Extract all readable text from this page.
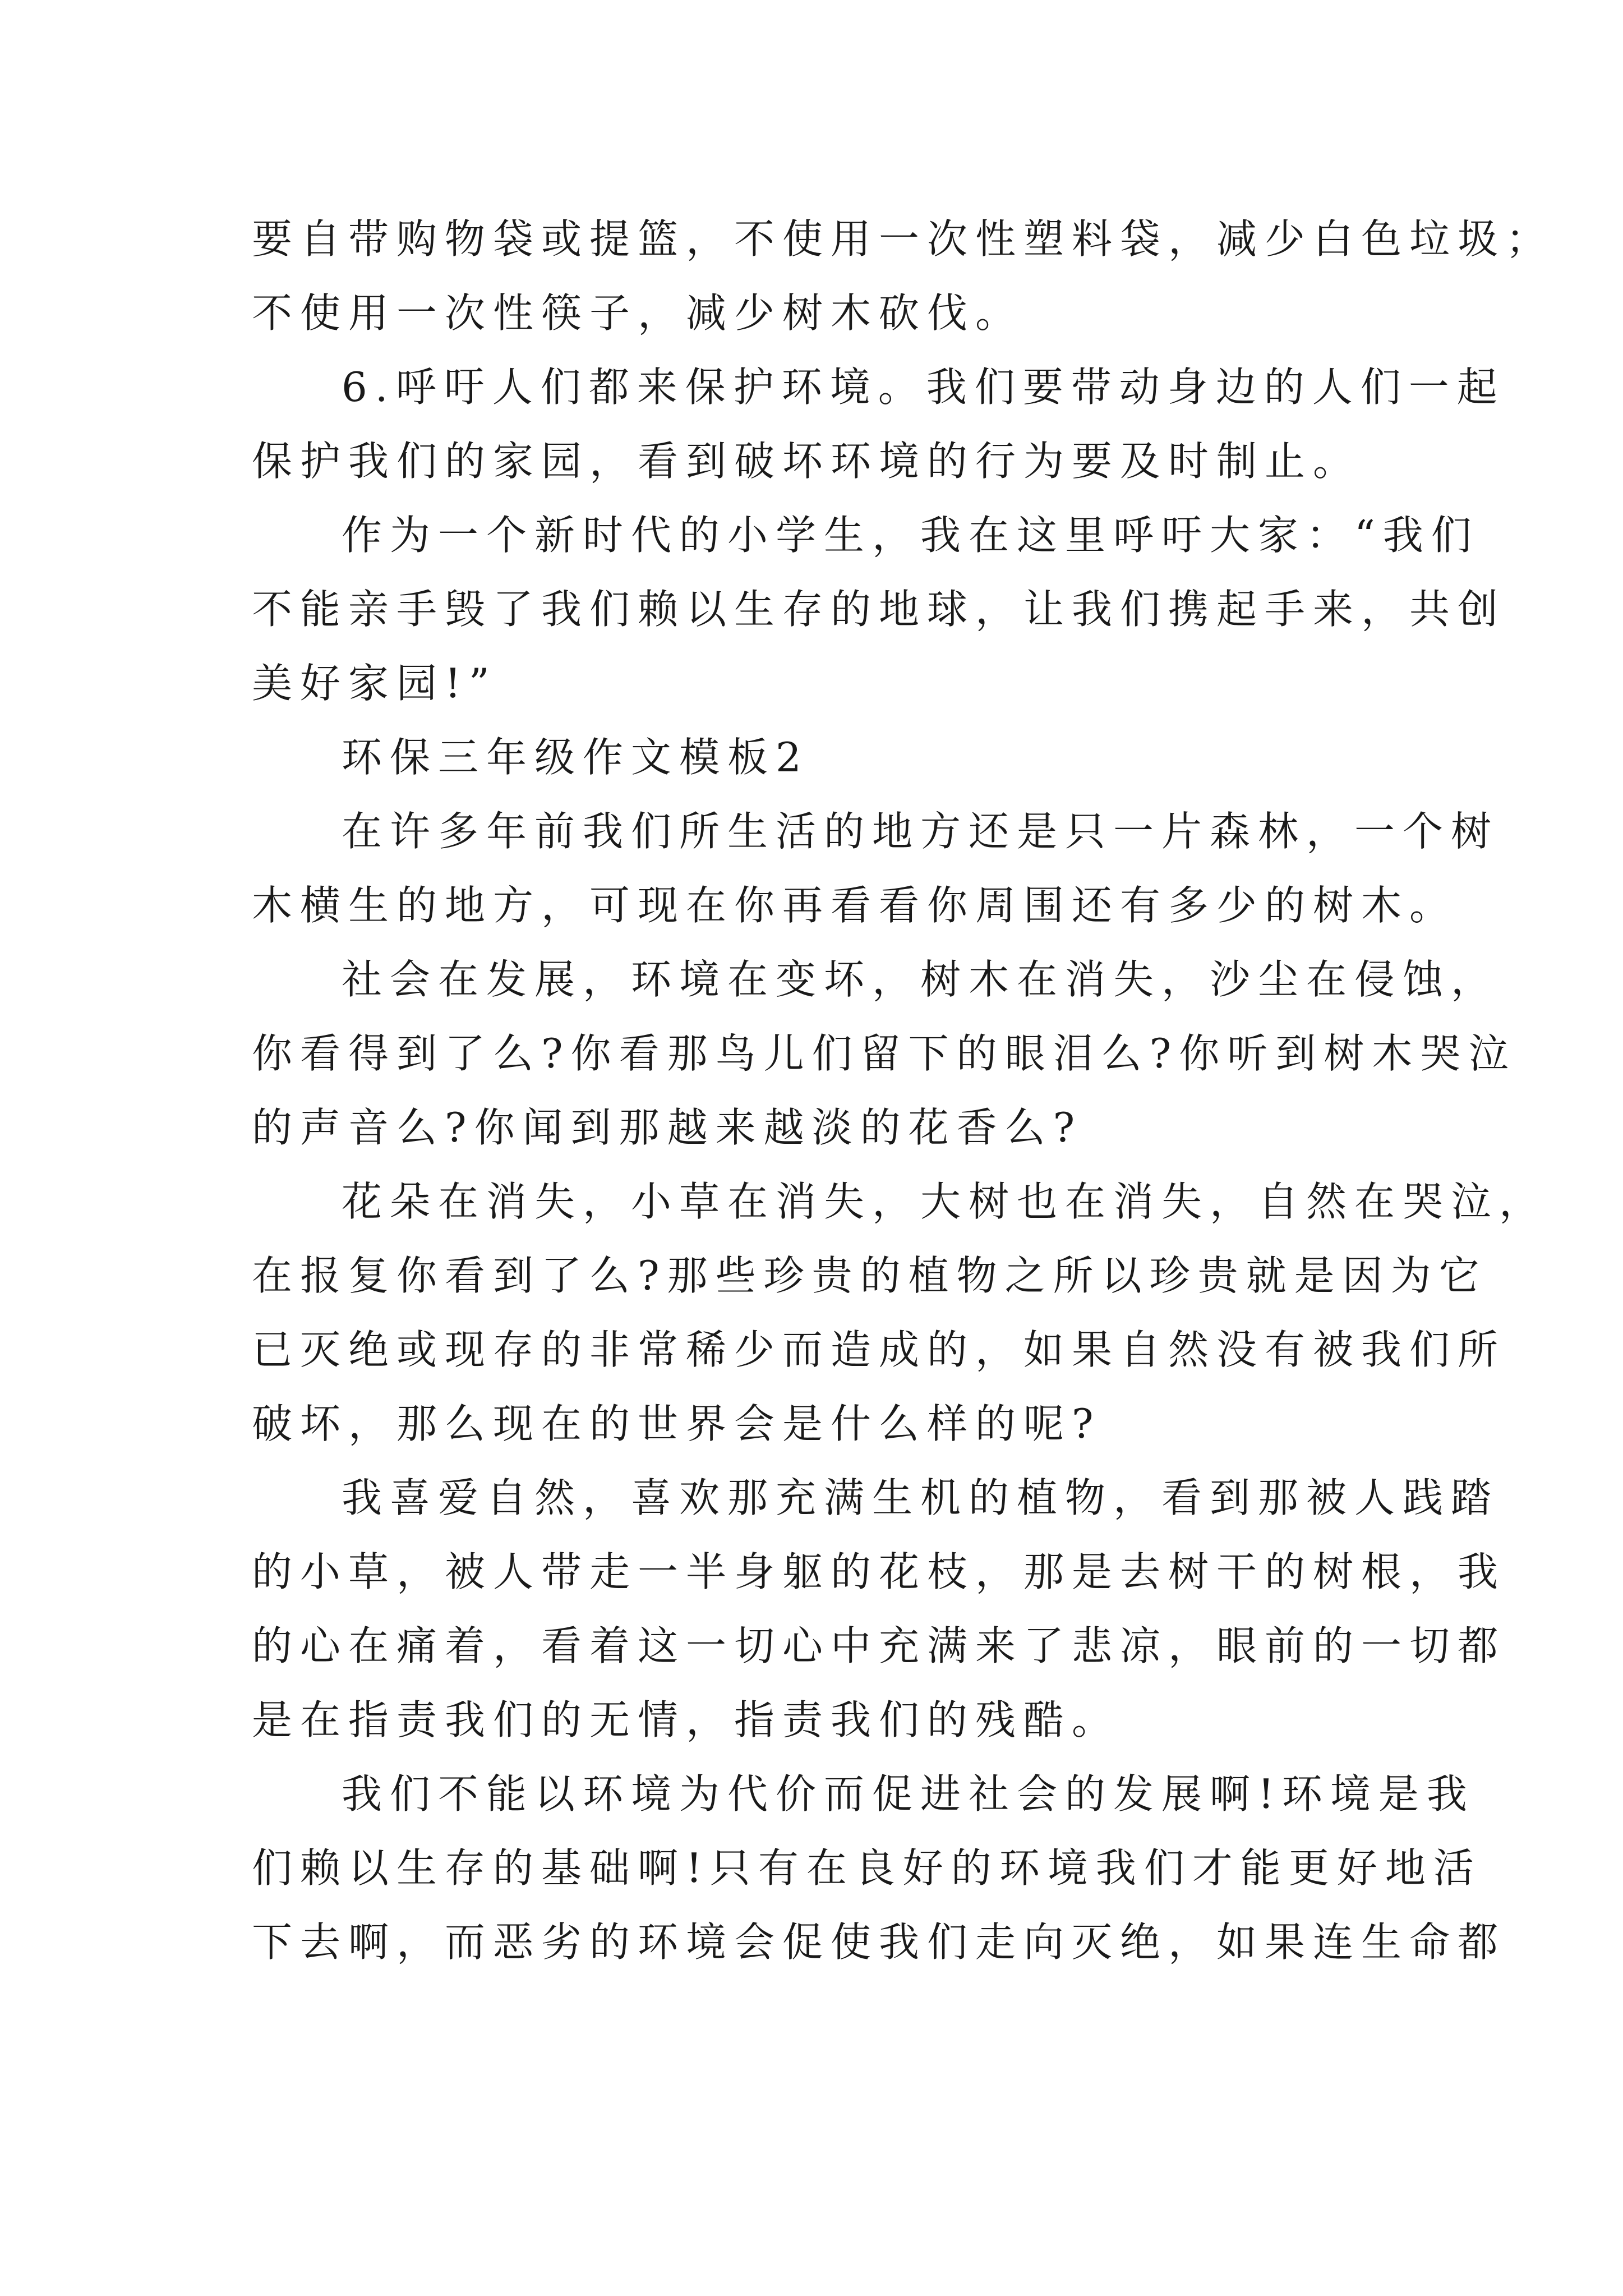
要自带购物袋或提篮，不使用一次性塑料袋，减少白色垃圾；
不使用一次性筷子，减少树木砍伐。
6.呼吁人们都来保护环境。我们要带动身边的人们一起
保护我们的家园，看到破坏环境的行为要及时制止。
作为一个新时代的小学生，我在这里呼吁大家：“我们
不能亲手毁了我们赖以生存的地球，让我们携起手来，共创
美好家园!”
环保三年级作文模板2
在许多年前我们所生活的地方还是只一片森林，一个树
木横生的地方，可现在你再看看你周围还有多少的树木。
社会在发展，环境在变坏，树木在消失，沙尘在侵蚀，
你看得到了么?你看那鸟儿们留下的眼泪么?你听到树木哭泣
的声音么?你闻到那越来越淡的花香么?
花朵在消失，小草在消失，大树也在消失，自然在哭泣，
在报复你看到了么?那些珍贵的植物之所以珍贵就是因为它
已灭绝或现存的非常稀少而造成的，如果自然没有被我们所
破坏，那么现在的世界会是什么样的呢?
我喜爱自然，喜欢那充满生机的植物，看到那被人践踏
的小草，被人带走一半身躯的花枝，那是去树干的树根，我
的心在痛着，看着这一切心中充满来了悲凉，眼前的一切都
是在指责我们的无情，指责我们的残酷。
我们不能以环境为代价而促进社会的发展啊!环境是我
们赖以生存的基础啊!只有在良好的环境我们才能更好地活
下去啊，而恶劣的环境会促使我们走向灭绝，如果连生命都
